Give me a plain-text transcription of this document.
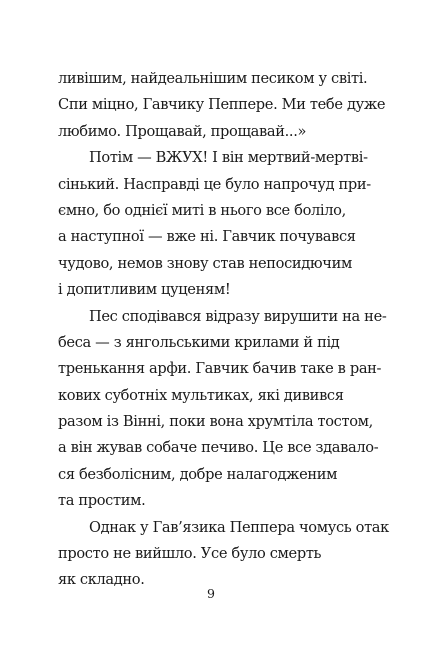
ливішим, найдеальнішим песиком у світі.
Спи міцно, Гавчику Пеппере. Ми тебе дуже
любимо. Прощавай, прощавай...»
Потім — ВЖУХ! І він мертвий-мертві-
сінький. Насправді це було напрочуд при-
ємно, бо однієї миті в нього все боліло,
а наступної — вже ні. Гавчик почувався
чудово, немов знову став непосидючим
і допитливим цуценям!
Пес сподівався відразу вирушити на не-
беса — з янгольськими крилами й під
тренькання арфи. Гавчик бачив таке в ран-
кових суботніх мультиках, які дивився
разом із Вінні, поки вона хрумтіла тостом,
а він жував собаче печиво. Це все здавало-
ся безболісним, добре налагодженим
та простим.
Однак у Гав’язика Пеппера чомусь отак
просто не вийшло. Усе було смерть
як складно.
9
